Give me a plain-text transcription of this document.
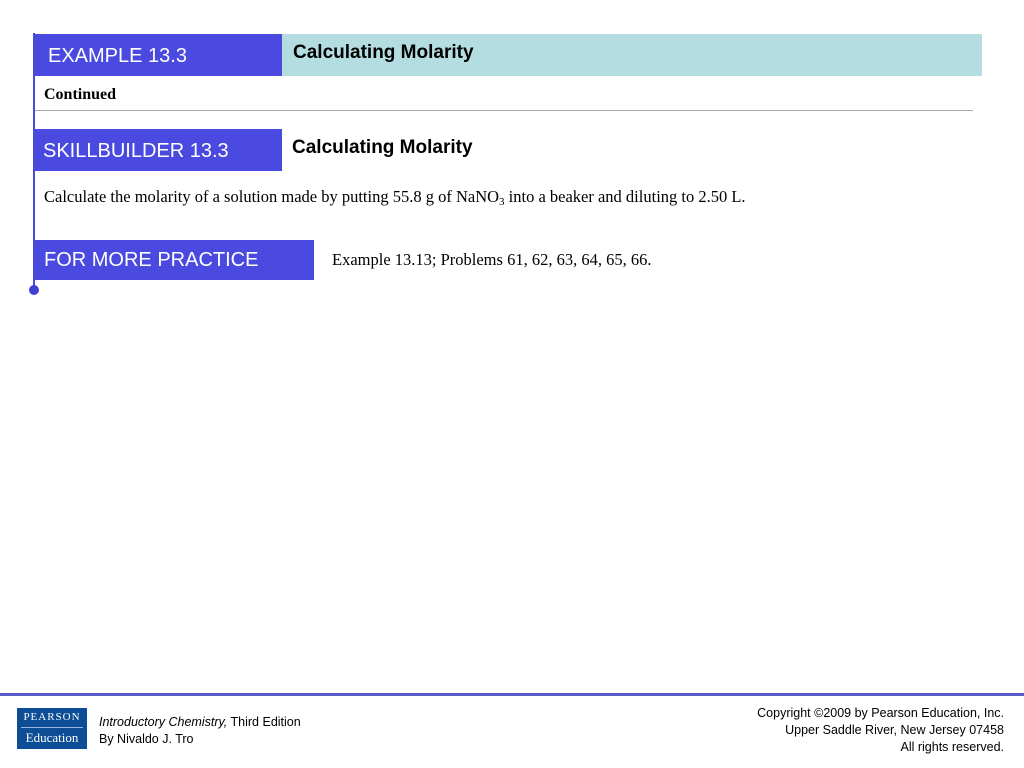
EXAMPLE 13.3	Calculating Molarity
Continued
SKILLBUILDER 13.3	Calculating Molarity
Calculate the molarity of a solution made by putting 55.8 g of NaNO$_3$ into a beaker and diluting to 2.50 L.
FOR MORE PRACTICE	Example 13.13; Problems 61, 62, 63, 64, 65, 66.
PEARSON
Education
Introductory Chemistry, Third Edition
By Nivaldo J. Tro
Copyright ©2009 by Pearson Education, Inc.
Upper Saddle River, New Jersey 07458
All rights reserved.
